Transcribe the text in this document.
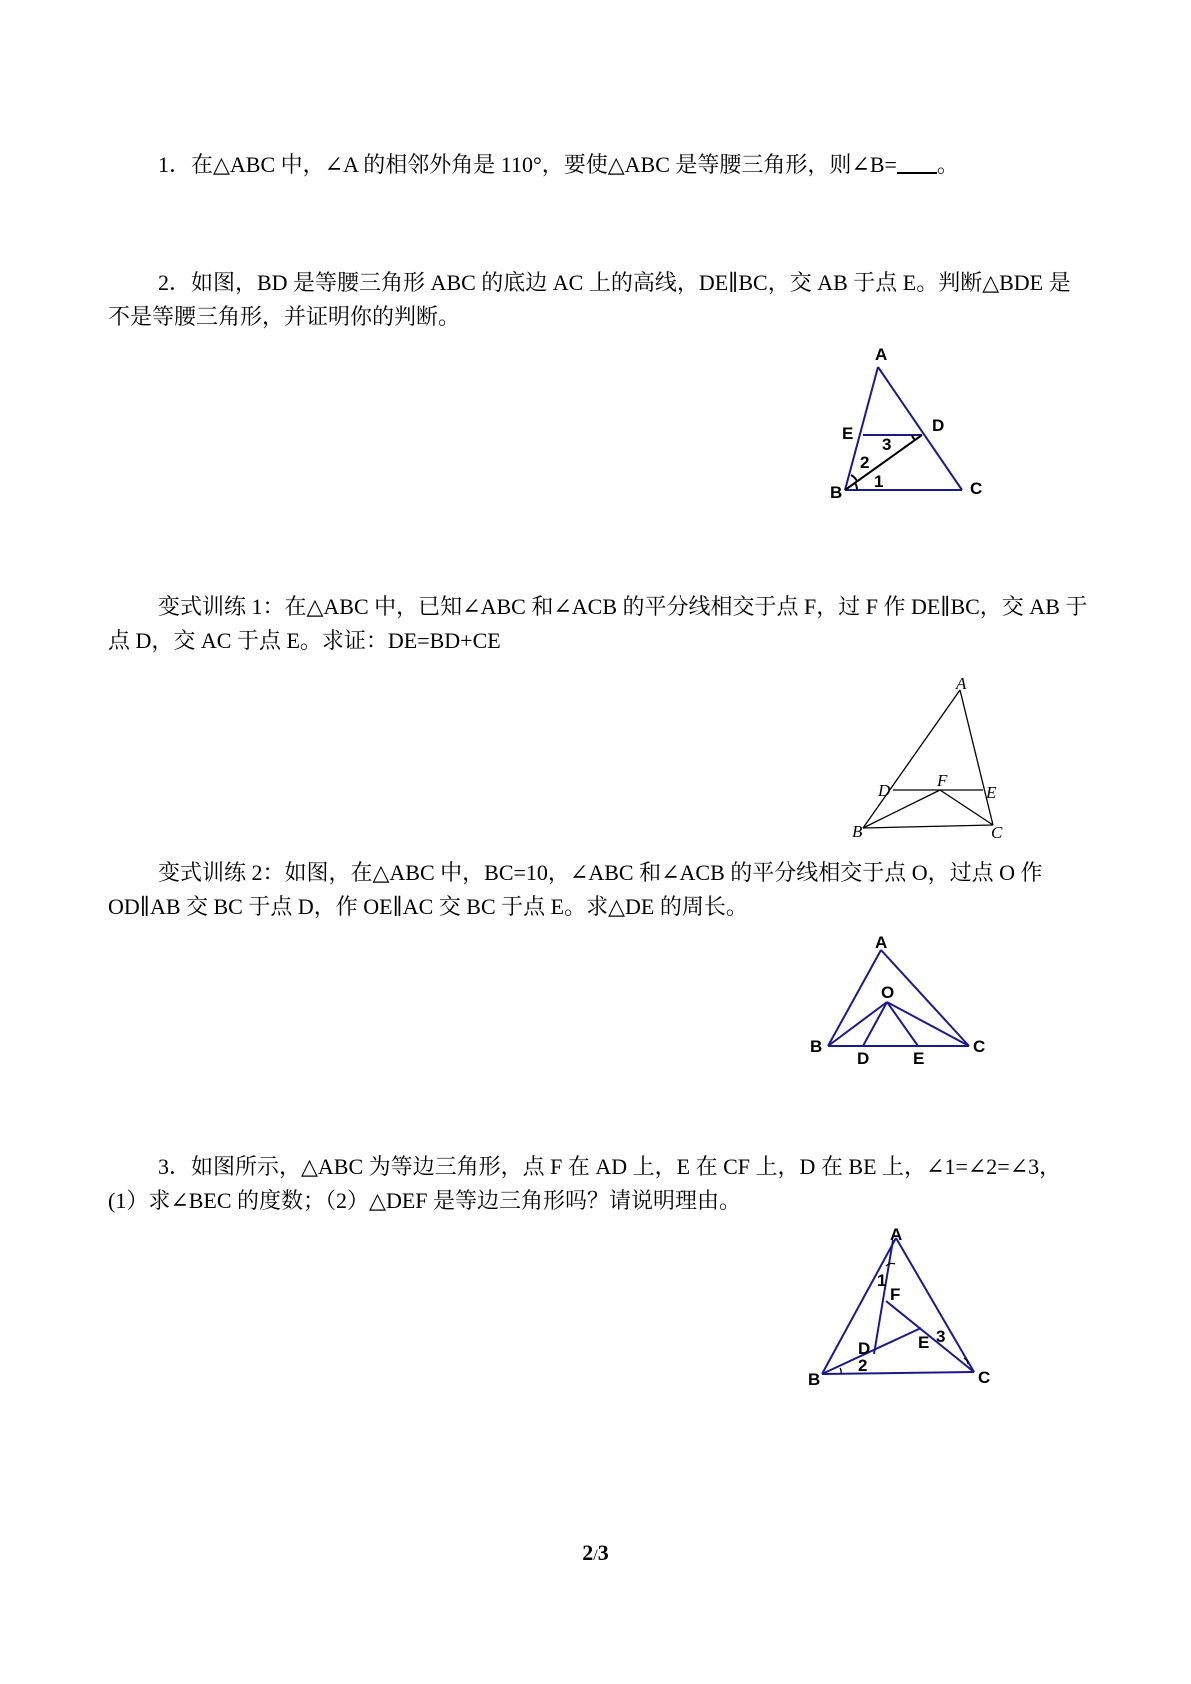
1．在△ABC 中，∠A 的相邻外角是 110°，要使△ABC 是等腰三角形，则∠B= 。

2．如图，BD 是等腰三角形 ABC 的底边 AC 上的高线，DE∥BC，交 AB 于点 E。判断△BDE 是不是等腰三角形，并证明你的判断。

A
E	D
B	C
1
2
3

变式训练 1：在△ABC 中，已知∠ABC 和∠ACB 的平分线相交于点 F，过 F 作 DE∥BC，交 AB 于点 D，交 AC 于点 E。求证：DE=BD+CE

A
D
F
E
B	C

变式训练 2：如图，在△ABC 中，BC=10，∠ABC 和∠ACB 的平分线相交于点 O，过点 O 作 OD∥AB 交 BC 于点 D，作 OE∥AC 交 BC 于点 E。求△DE 的周长。

A
O
B
D	E
C

3．如图所示，△ABC 为等边三角形，点 F 在 AD 上，E 在 CF 上，D 在 BE 上，∠1=∠2=∠3，(1）求∠BEC 的度数；（2）△DEF 是等边三角形吗？请说明理由。

A
1
F
E 3
D
2
B	C
2/3
